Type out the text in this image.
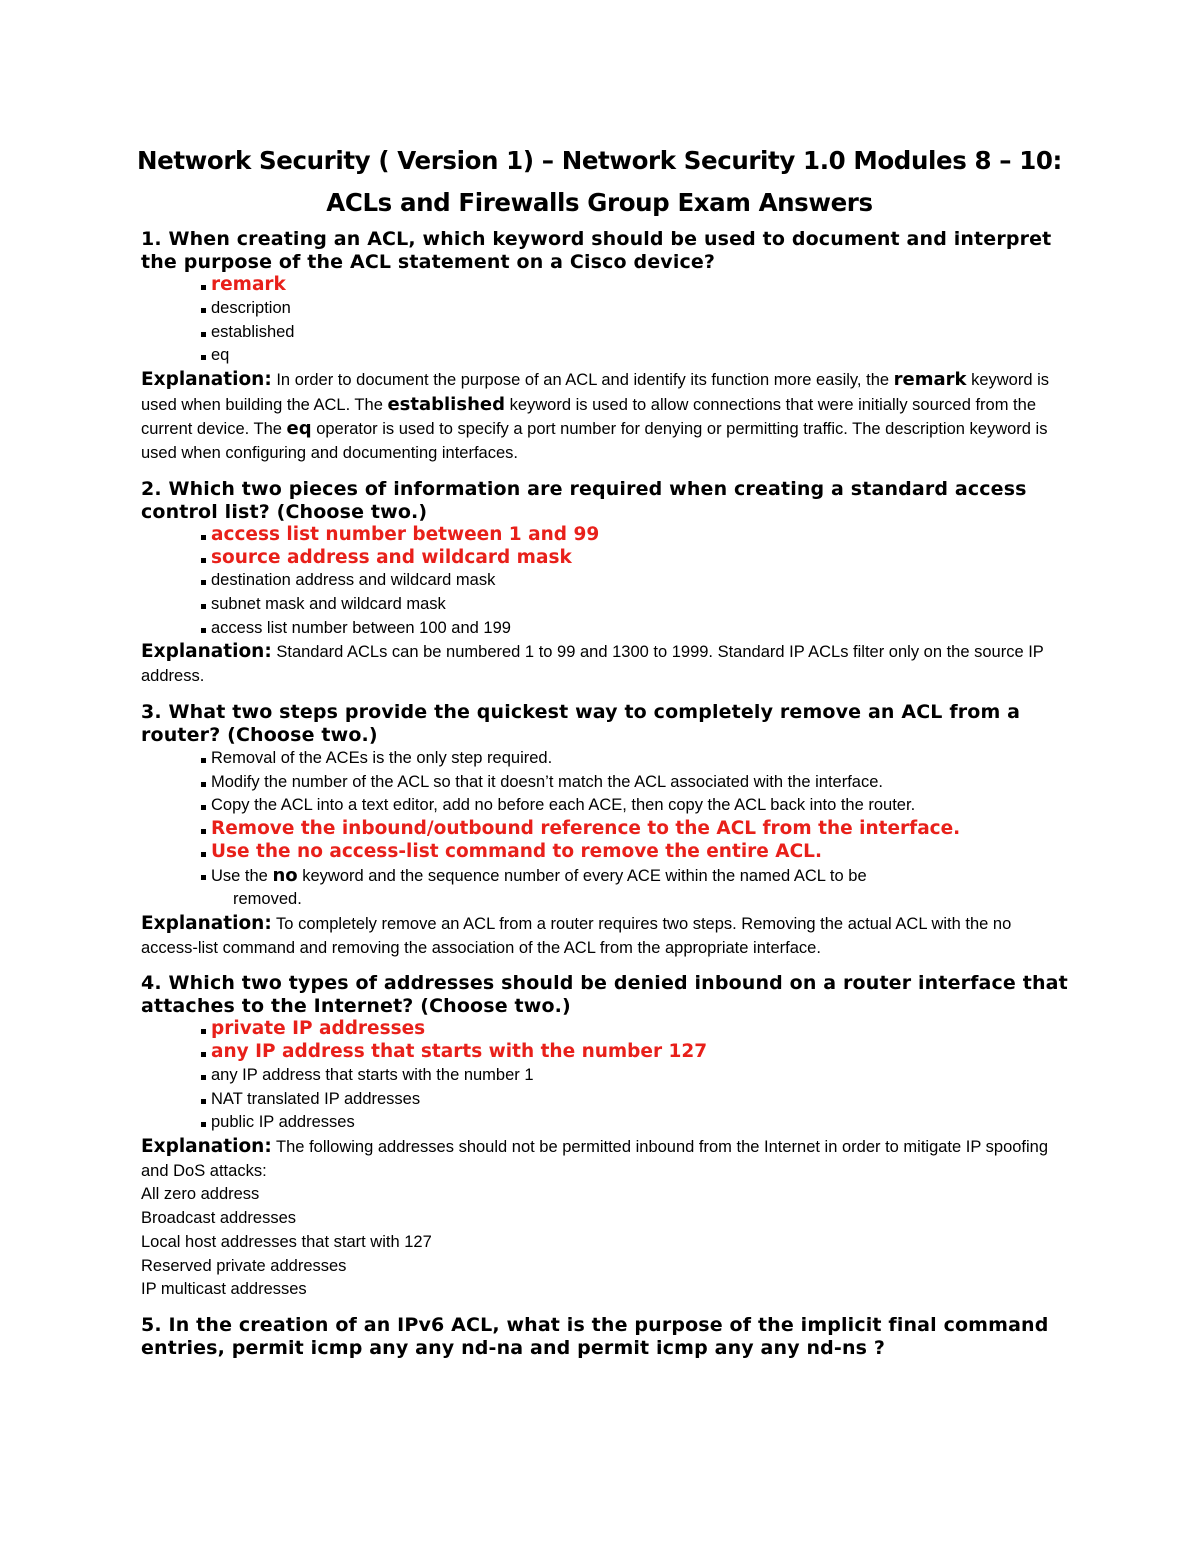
Network Security ( Version 1) – Network Security 1.0 Modules 8 – 10:
ACLs and Firewalls Group Exam Answers

1. When creating an ACL, which keyword should be used to document and interpret the purpose of the ACL statement on a Cisco device?

remark
description
established
eq

Explanation: In order to document the purpose of an ACL and identify its function more easily, the remark keyword is used when building the ACL. The established keyword is used to allow connections that were initially sourced from the current device. The eq operator is used to specify a port number for denying or permitting traffic. The description keyword is used when configuring and documenting interfaces.

2. Which two pieces of information are required when creating a standard access control list? (Choose two.)

access list number between 1 and 99
source address and wildcard mask
destination address and wildcard mask
subnet mask and wildcard mask
access list number between 100 and 199

Explanation: Standard ACLs can be numbered 1 to 99 and 1300 to 1999. Standard IP ACLs filter only on the source IP address.

3. What two steps provide the quickest way to completely remove an ACL from a router? (Choose two.)

Removal of the ACEs is the only step required.
Modify the number of the ACL so that it doesn’t match the ACL associated with the interface.
Copy the ACL into a text editor, add no before each ACE, then copy the ACL back into the router.
Remove the inbound/outbound reference to the ACL from the interface.
Use the no access-list command to remove the entire ACL.
Use the no keyword and the sequence number of every ACE within the named ACL to be
removed.

Explanation: To completely remove an ACL from a router requires two steps. Removing the actual ACL with the no access-list command and removing the association of the ACL from the appropriate interface.

4. Which two types of addresses should be denied inbound on a router interface that attaches to the Internet? (Choose two.)

private IP addresses
any IP address that starts with the number 127
any IP address that starts with the number 1
NAT translated IP addresses
public IP addresses

Explanation: The following addresses should not be permitted inbound from the Internet in order to mitigate IP spoofing and DoS attacks:

All zero address

Broadcast addresses

Local host addresses that start with 127

Reserved private addresses

IP multicast addresses

5. In the creation of an IPv6 ACL, what is the purpose of the implicit final command entries, permit icmp any any nd-na and permit icmp any any nd-ns ?
